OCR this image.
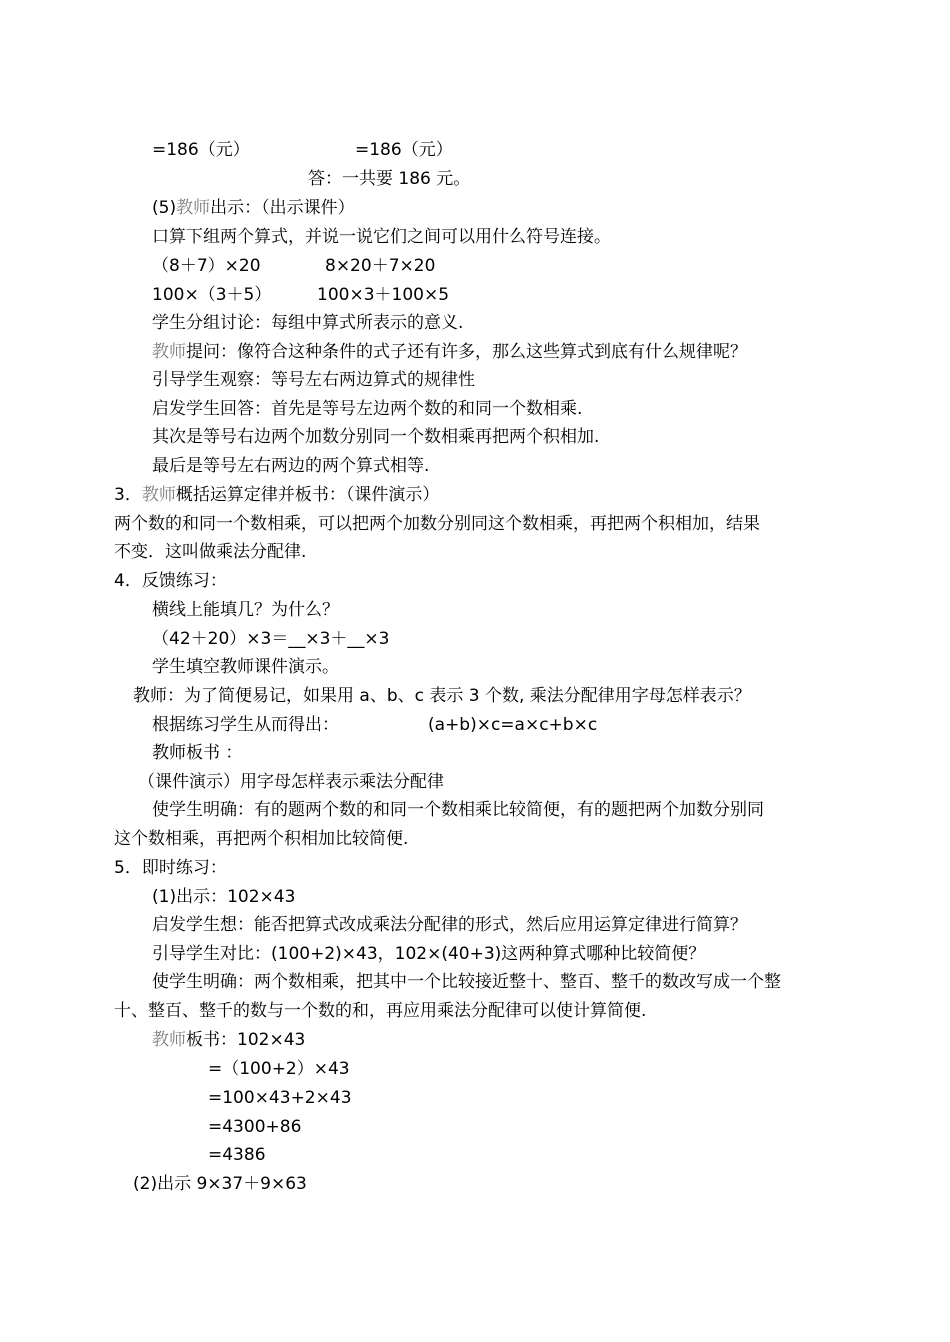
=186（元）	=186（元）
答：一共要 186 元。
(5)教师出示：（出示课件）
口算下组两个算式，并说一说它们之间可以用什么符号连接。
（8＋7）×20	8×20＋7×20
100×（3＋5）	100×3＋100×5
学生分组讨论：每组中算式所表示的意义.
教师提问：像符合这种条件的式子还有许多，那么这些算式到底有什么规律呢？
引导学生观察：等号左右两边算式的规律性
启发学生回答：首先是等号左边两个数的和同一个数相乘.
其次是等号右边两个加数分别同一个数相乘再把两个积相加.
最后是等号左右两边的两个算式相等.
3．教师概括运算定律并板书：（课件演示）
两个数的和同一个数相乘，可以把两个加数分别同这个数相乘，再把两个积相加，结果
不变．这叫做乘法分配律.
4．反馈练习：
横线上能填几？为什么？
（42＋20）×3＝__×3＋__×3
学生填空教师课件演示。
教师：为了简便易记，如果用 a、b、c 表示 3 个数, 乘法分配律用字母怎样表示？
根据练习学生从而得出：	(a+b)×c=a×c+b×c
教师板书 ：
（课件演示）用字母怎样表示乘法分配律
使学生明确：有的题两个数的和同一个数相乘比较简便，有的题把两个加数分别同
这个数相乘，再把两个积相加比较简便.
5．即时练习：
(1)出示：102×43
启发学生想：能否把算式改成乘法分配律的形式，然后应用运算定律进行简算？
引导学生对比：(100+2)×43，102×(40+3)这两种算式哪种比较简便？
使学生明确：两个数相乘，把其中一个比较接近整十、整百、整千的数改写成一个整
十、整百、整千的数与一个数的和，再应用乘法分配律可以使计算简便.
教师板书：102×43
=（100+2）×43
=100×43+2×43
=4300+86
=4386
(2)出示 9×37＋9×63
